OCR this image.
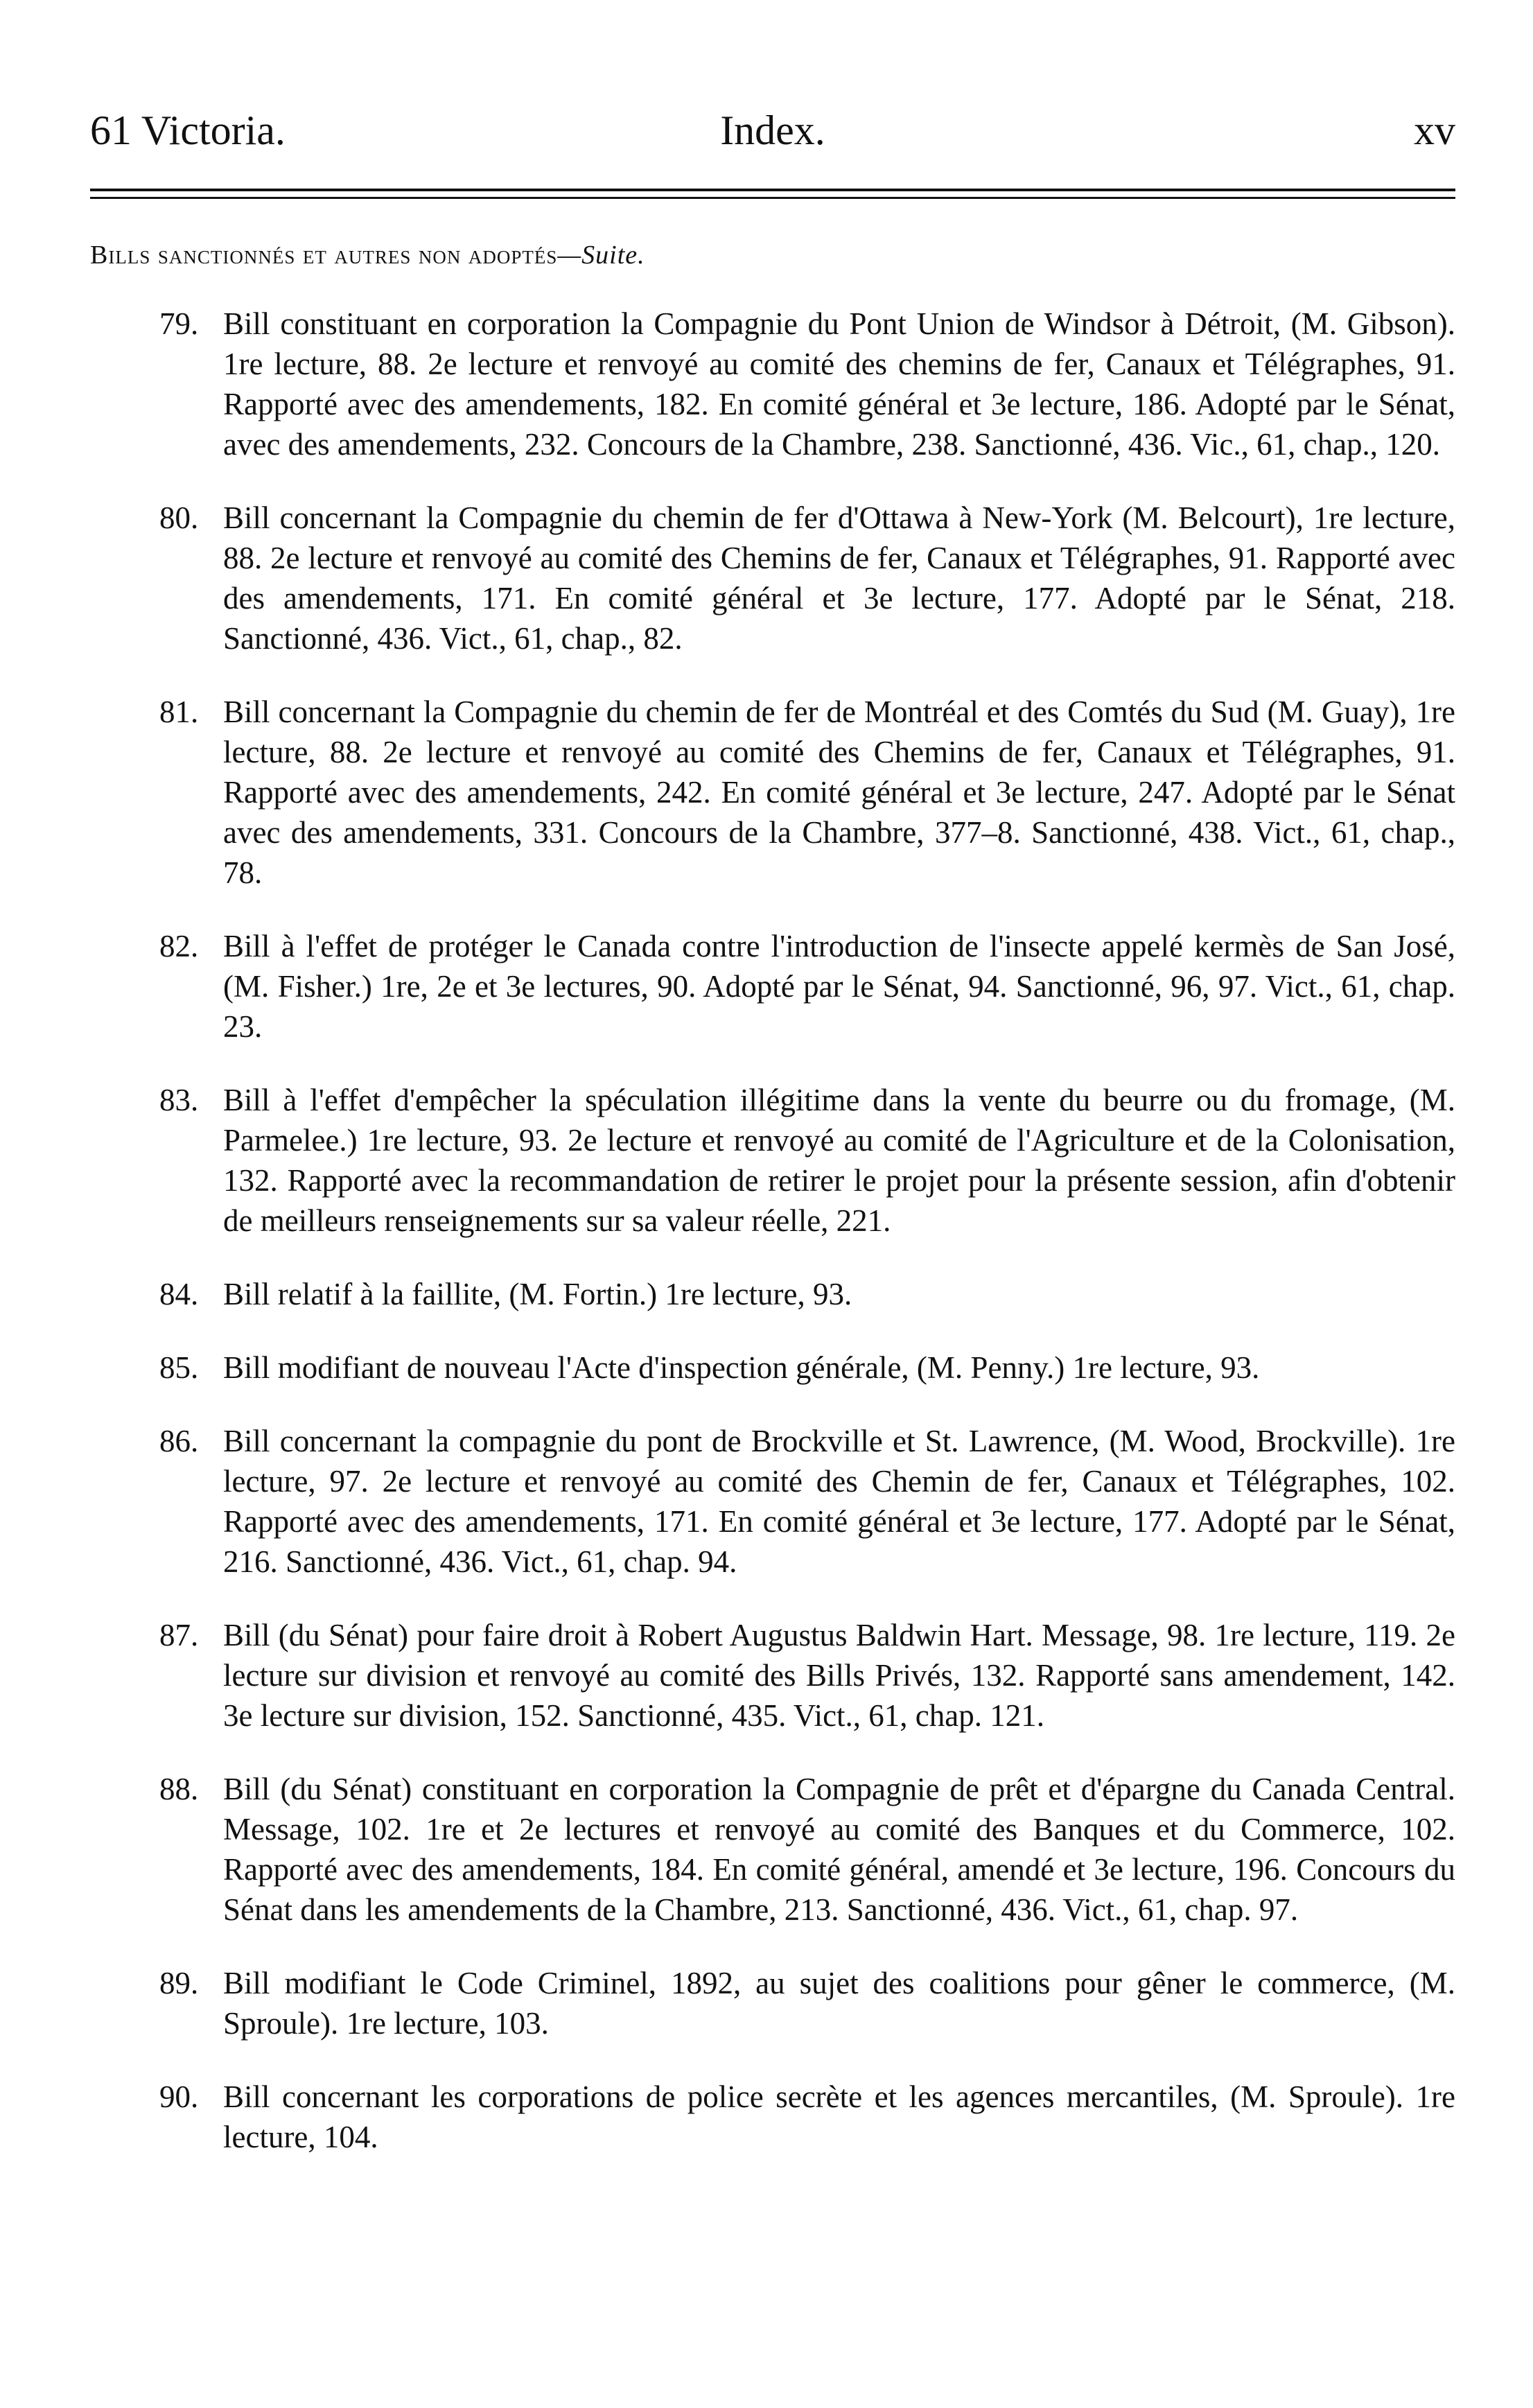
61 Victoria.	Index.	xv
Bills sanctionnés et autres non adoptés—Suite.
79. Bill constituant en corporation la Compagnie du Pont Union de Windsor à Détroit, (M. Gibson). 1re lecture, 88. 2e lecture et renvoyé au comité des chemins de fer, Canaux et Télégraphes, 91. Rapporté avec des amendements, 182. En comité général et 3e lecture, 186. Adopté par le Sénat, avec des amendements, 232. Concours de la Chambre, 238. Sanctionné, 436. Vic., 61, chap., 120.
80. Bill concernant la Compagnie du chemin de fer d'Ottawa à New-York (M. Belcourt), 1re lecture, 88. 2e lecture et renvoyé au comité des Chemins de fer, Canaux et Télégraphes, 91. Rapporté avec des amendements, 171. En comité général et 3e lecture, 177. Adopté par le Sénat, 218. Sanctionné, 436. Vict., 61, chap., 82.
81. Bill concernant la Compagnie du chemin de fer de Montréal et des Comtés du Sud (M. Guay), 1re lecture, 88. 2e lecture et renvoyé au comité des Chemins de fer, Canaux et Télégraphes, 91. Rapporté avec des amendements, 242. En comité général et 3e lecture, 247. Adopté par le Sénat avec des amendements, 331. Concours de la Chambre, 377–8. Sanctionné, 438. Vict., 61, chap., 78.
82. Bill à l'effet de protéger le Canada contre l'introduction de l'insecte appelé kermès de San José, (M. Fisher.) 1re, 2e et 3e lectures, 90. Adopté par le Sénat, 94. Sanctionné, 96, 97. Vict., 61, chap. 23.
83. Bill à l'effet d'empêcher la spéculation illégitime dans la vente du beurre ou du fromage, (M. Parmelee.) 1re lecture, 93. 2e lecture et renvoyé au comité de l'Agriculture et de la Colonisation, 132. Rapporté avec la recommandation de retirer le projet pour la présente session, afin d'obtenir de meilleurs renseignements sur sa valeur réelle, 221.
84. Bill relatif à la faillite, (M. Fortin.) 1re lecture, 93.
85. Bill modifiant de nouveau l'Acte d'inspection générale, (M. Penny.) 1re lecture, 93.
86. Bill concernant la compagnie du pont de Brockville et St. Lawrence, (M. Wood, Brockville). 1re lecture, 97. 2e lecture et renvoyé au comité des Chemin de fer, Canaux et Télégraphes, 102. Rapporté avec des amendements, 171. En comité général et 3e lecture, 177. Adopté par le Sénat, 216. Sanctionné, 436. Vict., 61, chap. 94.
87. Bill (du Sénat) pour faire droit à Robert Augustus Baldwin Hart. Message, 98. 1re lecture, 119. 2e lecture sur division et renvoyé au comité des Bills Privés, 132. Rapporté sans amendement, 142. 3e lecture sur division, 152. Sanctionné, 435. Vict., 61, chap. 121.
88. Bill (du Sénat) constituant en corporation la Compagnie de prêt et d'épargne du Canada Central. Message, 102. 1re et 2e lectures et renvoyé au comité des Banques et du Commerce, 102. Rapporté avec des amendements, 184. En comité général, amendé et 3e lecture, 196. Concours du Sénat dans les amendements de la Chambre, 213. Sanctionné, 436. Vict., 61, chap. 97.
89. Bill modifiant le Code Criminel, 1892, au sujet des coalitions pour gêner le commerce, (M. Sproule). 1re lecture, 103.
90. Bill concernant les corporations de police secrète et les agences mercantiles, (M. Sproule). 1re lecture, 104.
